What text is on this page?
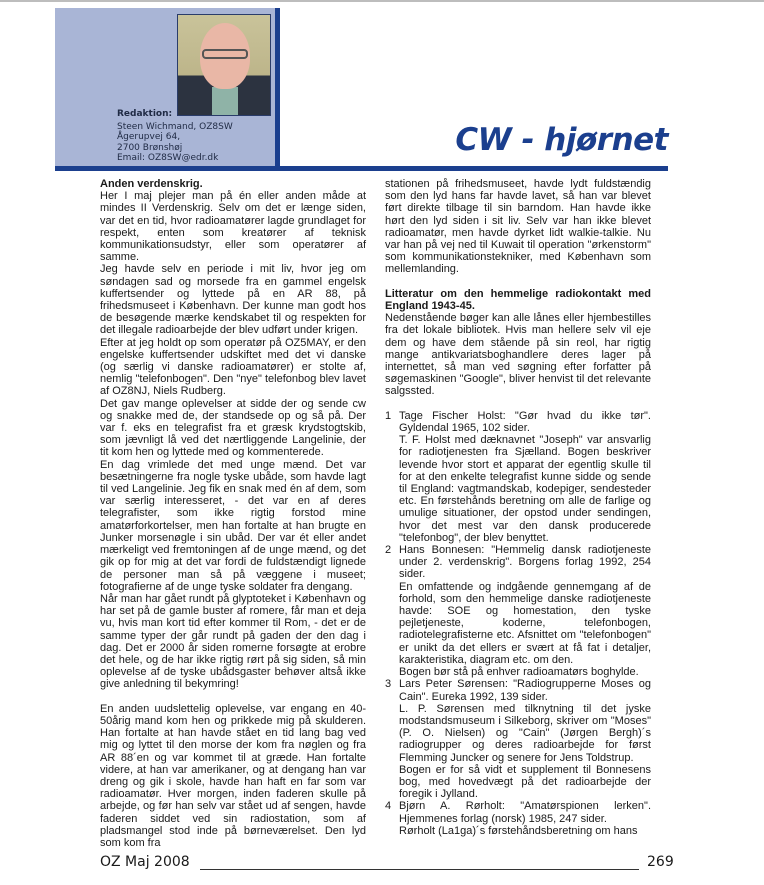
Redaktion:
Steen Wichmand, OZ8SW
Ågerupvej 64,
2700 Brønshøj
Email: OZ8SW@edr.dk	CW - hjørnet

Anden verdenskrig.

Her I maj plejer man på én eller anden måde at mindes II Verdenskrig. Selv om det er længe siden, var det en tid, hvor radioamatører lagde grundlaget for respekt, enten som kreatører af teknisk kommunikationsudstyr, eller som operatører af samme.

Jeg havde selv en periode i mit liv, hvor jeg om søndagen sad og morsede fra en gammel engelsk kuffertsender og lyttede på en AR 88, på frihedsmuseet i København. Der kunne man godt hos de besøgende mærke kendskabet til og respekten for det illegale radioarbejde der blev udført under krigen.

Efter at jeg holdt op som operatør på OZ5MAY, er den engelske kuffertsender udskiftet med det vi danske (og særlig vi danske radioamatører) er stolte af, nemlig "telefonbogen". Den "nye" telefonbog blev lavet af OZ8NJ, Niels Rudberg.

Det gav mange oplevelser at sidde der og sende cw og snakke med de, der standsede op og så på. Der var f. eks en telegrafist fra et græsk krydstogtskib, som jævnligt lå ved det nærtliggende Langelinie, der tit kom hen og lyttede med og kommenterede.

En dag vrimlede det med unge mænd. Det var besætningerne fra nogle tyske ubåde, som havde lagt til ved Langelinie. Jeg fik en snak med én af dem, som var særlig interesseret, - det var en af deres telegrafister, som ikke rigtig forstod mine amatørforkortelser, men han fortalte at han brugte en Junker morsenøgle i sin ubåd. Der var ét eller andet mærkeligt ved fremtoningen af de unge mænd, og det gik op for mig at det var fordi de fuldstændigt lignede de personer man så på væggene i museet; fotografierne af de unge tyske soldater fra dengang.

Når man har gået rundt på glyptoteket i København og har set på de gamle buster af romere, får man et deja vu, hvis man kort tid efter kommer til Rom, - det er de samme typer der går rundt på gaden der den dag i dag. Det er 2000 år siden romerne forsøgte at erobre det hele, og de har ikke rigtig rørt på sig siden, så min oplevelse af de tyske ubådsgaster behøver altså ikke give anledning til bekymring!

En anden uudslettelig oplevelse, var engang en 40-50årig mand kom hen og prikkede mig på skulderen. Han fortalte at han havde stået en tid lang bag ved mig og lyttet til den morse der kom fra nøglen og fra AR 88´en og var kommet til at græde. Han fortalte videre, at han var amerikaner, og at dengang han var dreng og gik i skole, havde han haft en far som var radioamatør. Hver morgen, inden faderen skulle på arbejde, og før han selv var stået ud af sengen, havde faderen siddet ved sin radiostation, som af pladsmangel stod inde på børneværelset. Den lyd som kom fra

stationen på frihedsmuseet, havde lydt fuldstændig som den lyd hans far havde lavet, så han var blevet ført direkte tilbage til sin barndom. Han havde ikke hørt den lyd siden i sit liv. Selv var han ikke blevet radioamatør, men havde dyrket lidt walkie-talkie. Nu var han på vej ned til Kuwait til operation "ørkenstorm" som kommunikationstekniker, med København som mellemlanding.

Litteratur om den hemmelige radiokontakt med England 1943-45.

Nedenstående bøger kan alle lånes eller hjembestilles fra det lokale bibliotek. Hvis man hellere selv vil eje dem og have dem stående på sin reol, har rigtig mange antikvariatsboghandlere deres lager på internettet, så man ved søgning efter forfatter på søgemaskinen "Google", bliver henvist til det relevante salgssted.

1 Tage Fischer Holst: "Gør hvad du ikke tør". Gyldendal 1965, 102 sider.

T. F. Holst med dæknavnet "Joseph" var ansvarlig for radiotjenesten fra Sjælland. Bogen beskriver levende hvor stort et apparat der egentlig skulle til for at den enkelte telegrafist kunne sidde og sende til England: vagtmandskab, kodepiger, sendesteder etc. En førstehånds beretning om alle de farlige og umulige situationer, der opstod under sendingen, hvor det mest var den dansk producerede "telefonbog", der blev benyttet.

2 Hans Bonnesen: "Hemmelig dansk radiotjeneste under 2. verdenskrig". Borgens forlag 1992, 254 sider.

En omfattende og indgående gennemgang af de forhold, som den hemmelige danske radiotjeneste havde: SOE og homestation, den tyske pejletjeneste, koderne, telefonbogen, radiotelegrafisterne etc. Afsnittet om "telefonbogen" er unikt da det ellers er svært at få fat i detaljer, karakteristika, diagram etc. om den.

Bogen bør stå på enhver radioamatørs boghylde.

3 Lars Peter Sørensen: "Radiogrupperne Moses og Cain". Eureka 1992, 139 sider.

L. P. Sørensen med tilknytning til det jyske modstandsmuseum i Silkeborg, skriver om "Moses" (P. O. Nielsen) og "Cain" (Jørgen Bergh)´s radiogrupper og deres radioarbejde for først Flemming Juncker og senere for Jens Toldstrup.

Bogen er for så vidt et supplement til Bonnesens bog, med hovedvægt på det radioarbejde der foregik i Jylland.

4 Bjørn A. Rørholt: "Amatørspionen lerken". Hjemmenes forlag (norsk) 1985, 247 sider.

Rørholt (La1ga)´s førstehåndsberetning om hans

OZ Maj 2008	269
